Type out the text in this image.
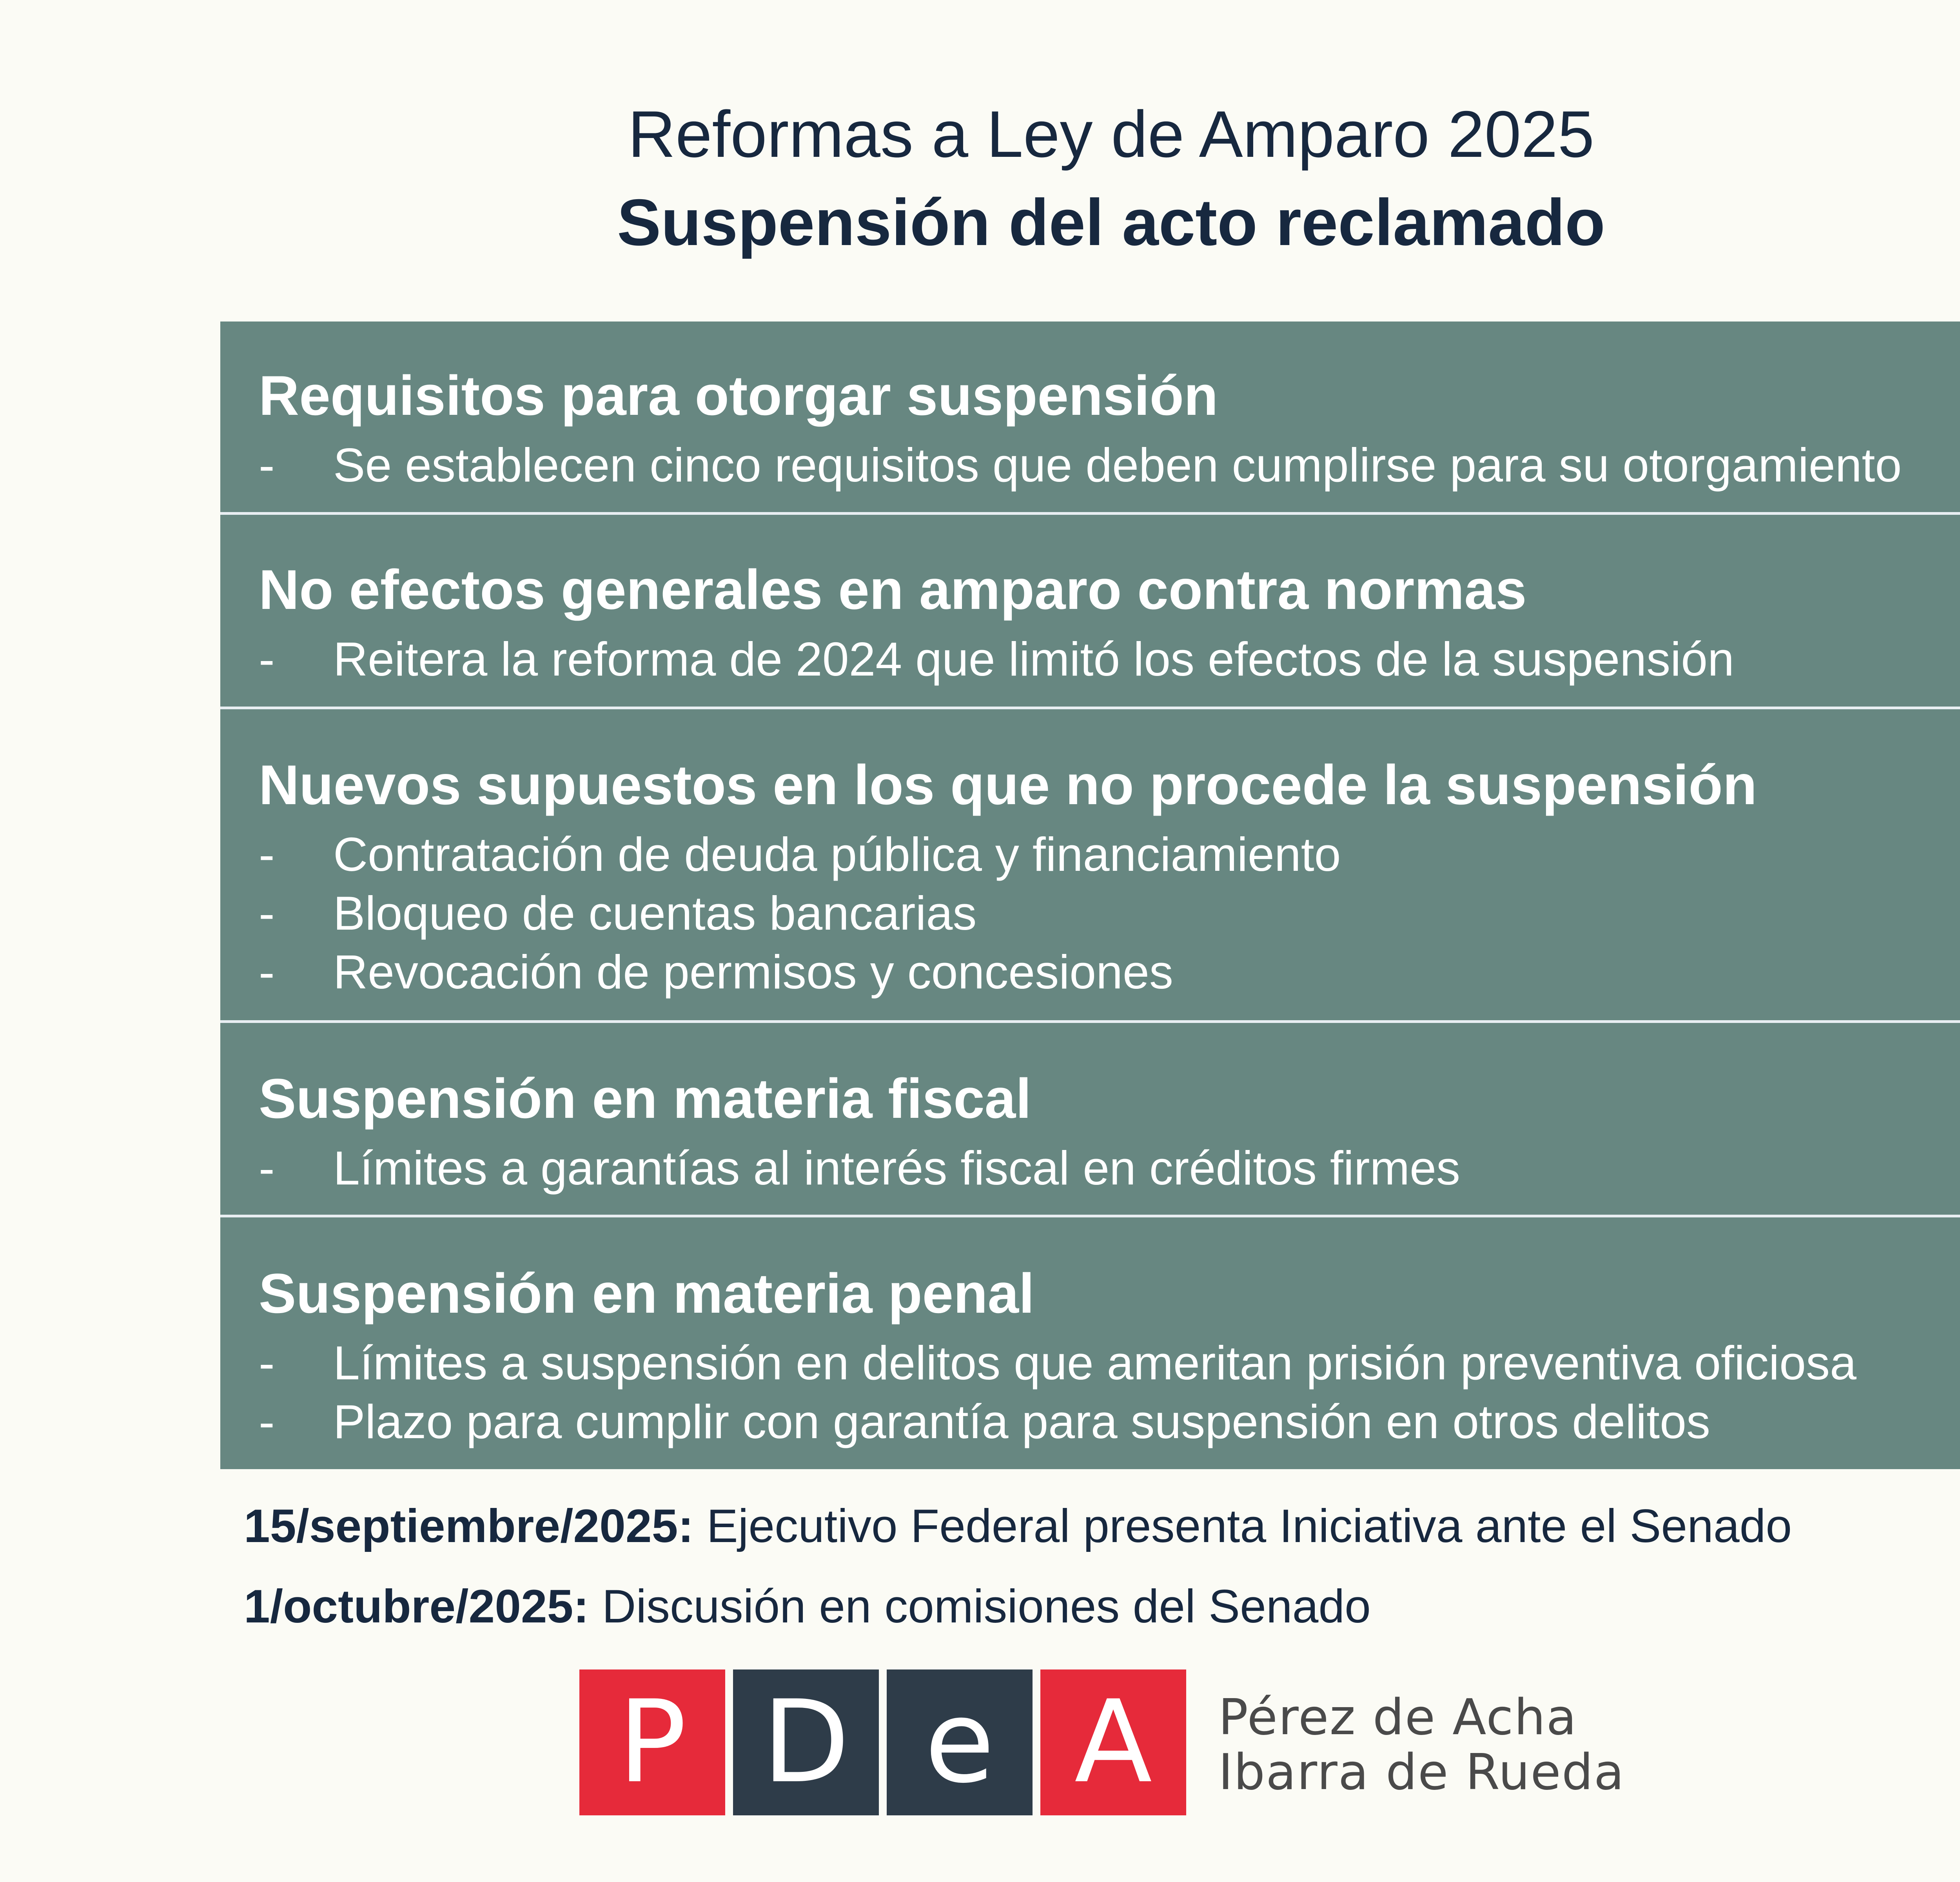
Reformas a Ley de Amparo 2025
Suspensión del acto reclamado
Requisitos para otorgar suspensión
- Se establecen cinco requisitos que deben cumplirse para su otorgamiento
No efectos generales en amparo contra normas
- Reitera la reforma de 2024 que limitó los efectos de la suspensión
Nuevos supuestos en los que no procede la suspensión
- Contratación de deuda pública y financiamiento
- Bloqueo de cuentas bancarias
- Revocación de permisos y concesiones
Suspensión en materia fiscal
- Límites a garantías al interés fiscal en créditos firmes
Suspensión en materia penal
- Límites a suspensión en delitos que ameritan prisión preventiva oficiosa
- Plazo para cumplir con garantía para suspensión en otros delitos
15/septiembre/2025: Ejecutivo Federal presenta Iniciativa ante el Senado
1/octubre/2025: Discusión en comisiones del Senado
P D e A	Pérez de Acha
Ibarra de Rueda
